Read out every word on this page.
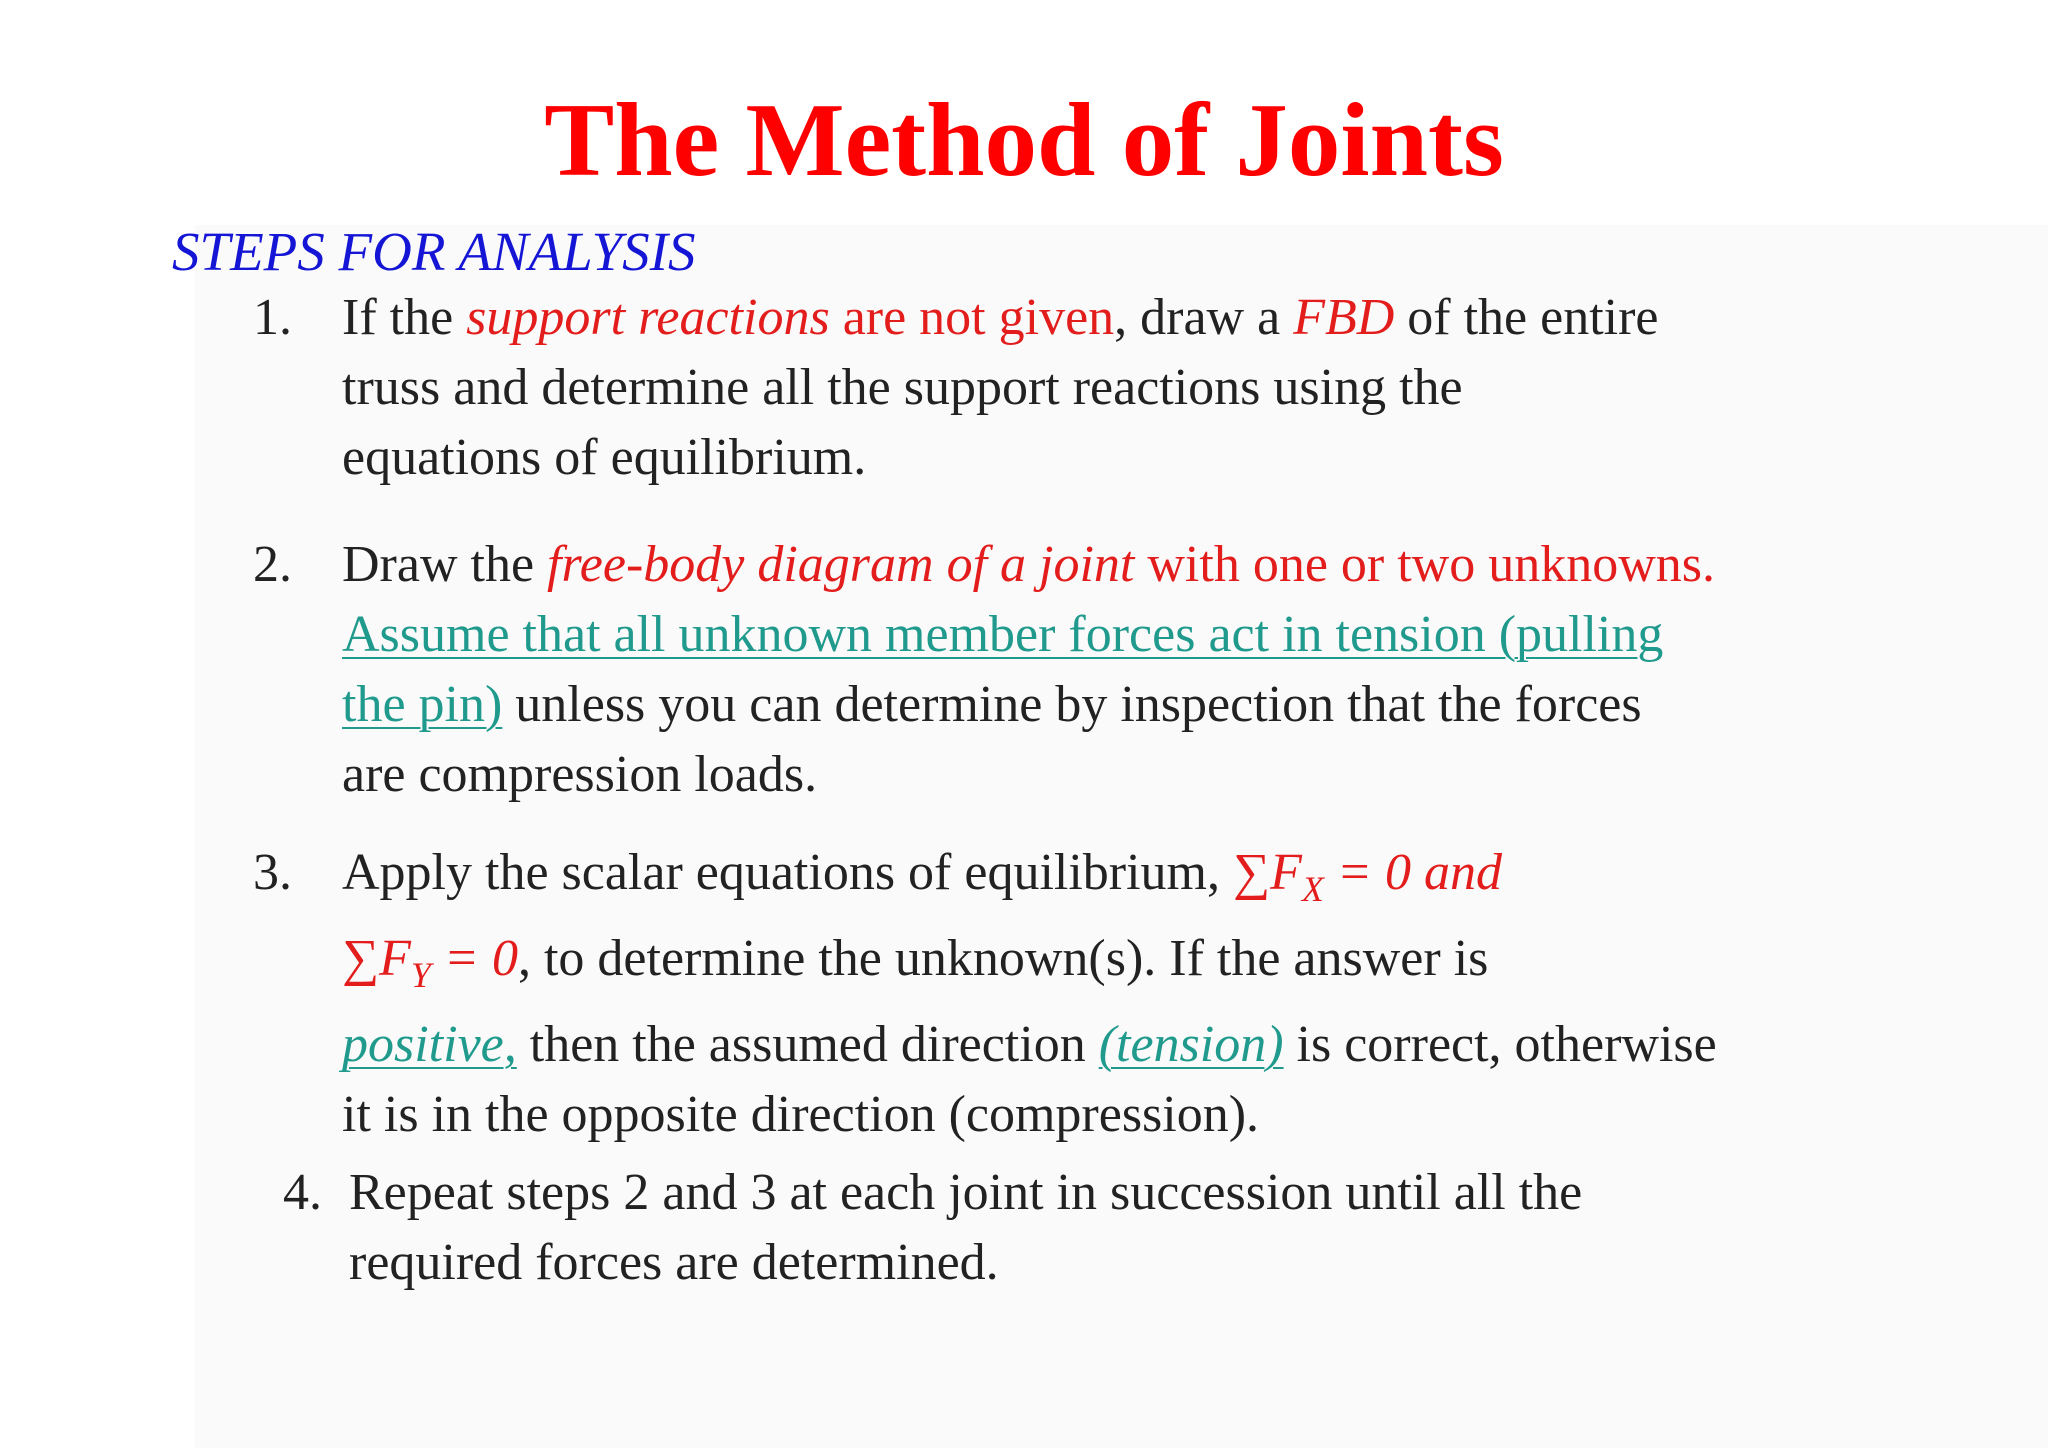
The Method of Joints
STEPS FOR ANALYSIS
1. If the support reactions are not given, draw a FBD of the entire
truss and determine all the support reactions using the
equations of equilibrium.
2. Draw the free-body diagram of a joint with one or two unknowns.
Assume that all unknown member forces act in tension (pulling
the pin) unless you can determine by inspection that the forces
are compression loads.
3. Apply the scalar equations of equilibrium, $\sum F_X = 0$ and
$\sum F_Y = 0$, to determine the unknown(s). If the answer is
positive, then the assumed direction (tension) is correct, otherwise
it is in the opposite direction (compression).
4. Repeat steps 2 and 3 at each joint in succession until all the
required forces are determined.
